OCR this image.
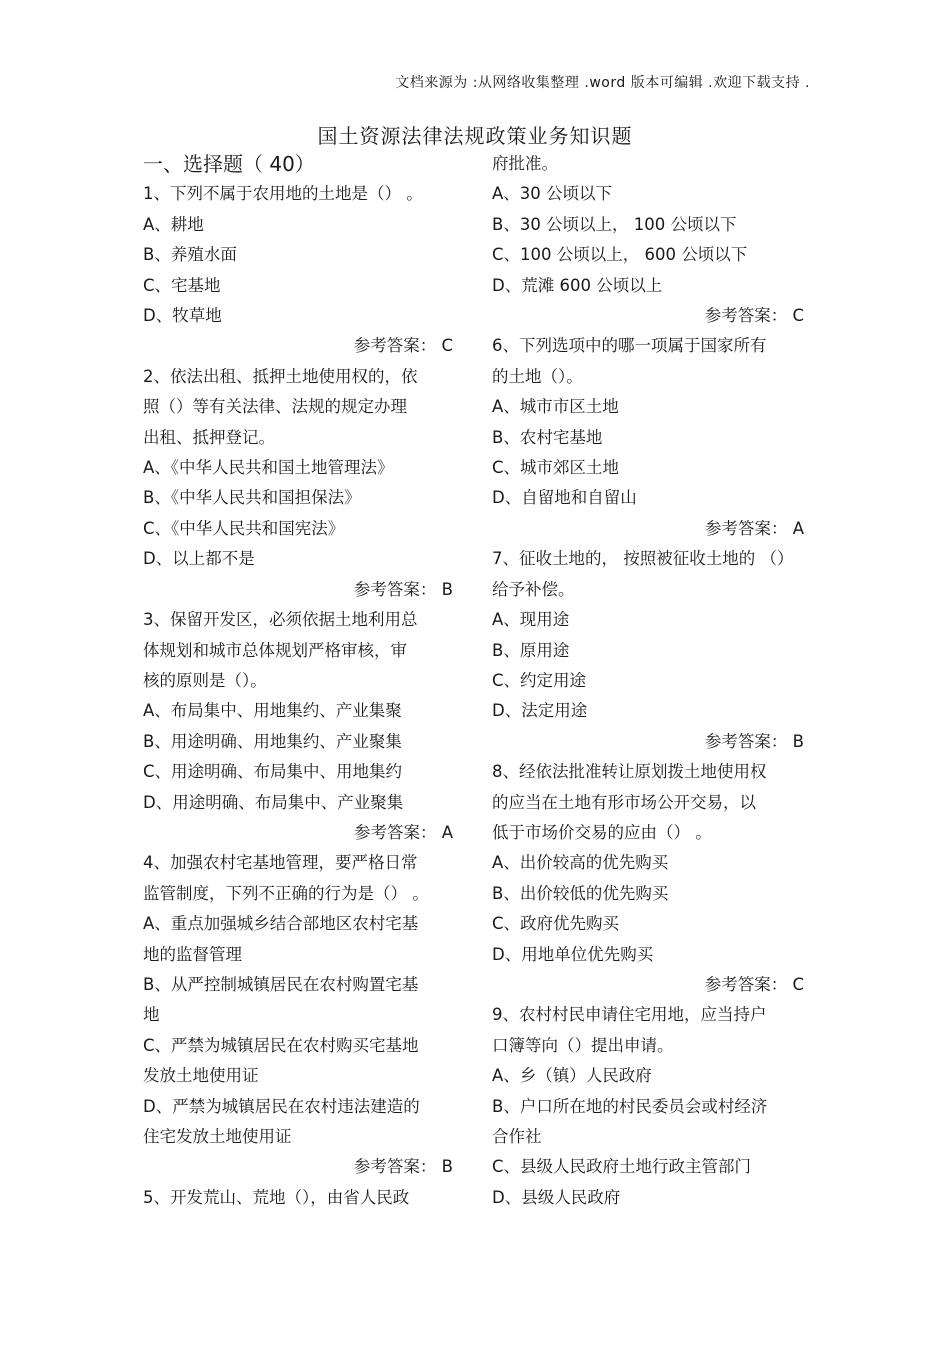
文档来源为 :从网络收集整理 .word 版本可编辑 .欢迎下载支持 .
国土资源法律法规政策业务知识题
一、选择题（ 40）
1、下列不属于农用地的土地是（） 。
A、耕地
B、养殖水面
C、宅基地
D、牧草地
参考答案： C
2、依法出租、抵押土地使用权的，依
照（）等有关法律、法规的规定办理
出租、抵押登记。
A、《中华人民共和国土地管理法》
B、《中华人民共和国担保法》
C、《中华人民共和国宪法》
D、以上都不是
参考答案： B
3、保留开发区，必须依据土地利用总
体规划和城市总体规划严格审核，审
核的原则是（）。
A、布局集中、用地集约、产业集聚
B、用途明确、用地集约、产业聚集
C、用途明确、布局集中、用地集约
D、用途明确、布局集中、产业聚集
参考答案： A
4、加强农村宅基地管理，要严格日常
监管制度，下列不正确的行为是（） 。
A、重点加强城乡结合部地区农村宅基
地的监督管理
B、从严控制城镇居民在农村购置宅基
地
C、严禁为城镇居民在农村购买宅基地
发放土地使用证
D、严禁为城镇居民在农村违法建造的
住宅发放土地使用证
参考答案： B
5、开发荒山、荒地（），由省人民政
府批准。
A、30 公顷以下
B、30 公顷以上， 100 公顷以下
C、100 公顷以上， 600 公顷以下
D、荒滩 600 公顷以上
参考答案： C
6、下列选项中的哪一项属于国家所有
的土地（）。
A、城市市区土地
B、农村宅基地
C、城市郊区土地
D、自留地和自留山
参考答案： A
7、征收土地的， 按照被征收土地的 （）
给予补偿。
A、现用途
B、原用途
C、约定用途
D、法定用途
参考答案： B
8、经依法批准转让原划拨土地使用权
的应当在土地有形市场公开交易，以
低于市场价交易的应由（） 。
A、出价较高的优先购买
B、出价较低的优先购买
C、政府优先购买
D、用地单位优先购买
参考答案： C
9、农村村民申请住宅用地，应当持户
口簿等向（）提出申请。
A、乡（镇）人民政府
B、户口所在地的村民委员会或村经济
合作社
C、县级人民政府土地行政主管部门
D、县级人民政府
